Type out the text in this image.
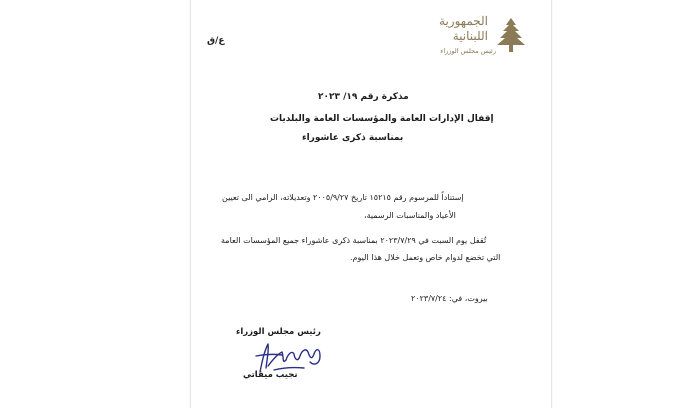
الجمهورية
اللبنانية
رئيس مجلس الوزراء
ع/ق
مذكرة رقم ١٩/ ٢٠٢٣
إقفال الإدارات العامة والمؤسسات العامة والبلديات
بمناسبة ذكرى عاشوراء
إستناداً للمرسوم رقم ١٥٢١٥ تاريخ ٢٠٠٥/٩/٢٧ وتعديلاته، الرامي الى تعيين
الأعياد والمناسبات الرسمية،
تُقفل يوم السبت في ٢٠٢٣/٧/٢٩ بمناسبة ذكرى عاشوراء جميع المؤسسات العامة
التي تخضع لدوام خاص وتعمل خلال هذا اليوم.
بيروت، في: ٢٠٢٣/٧/٢٤
رئيس مجلس الوزراء
نجيب ميقاتي
